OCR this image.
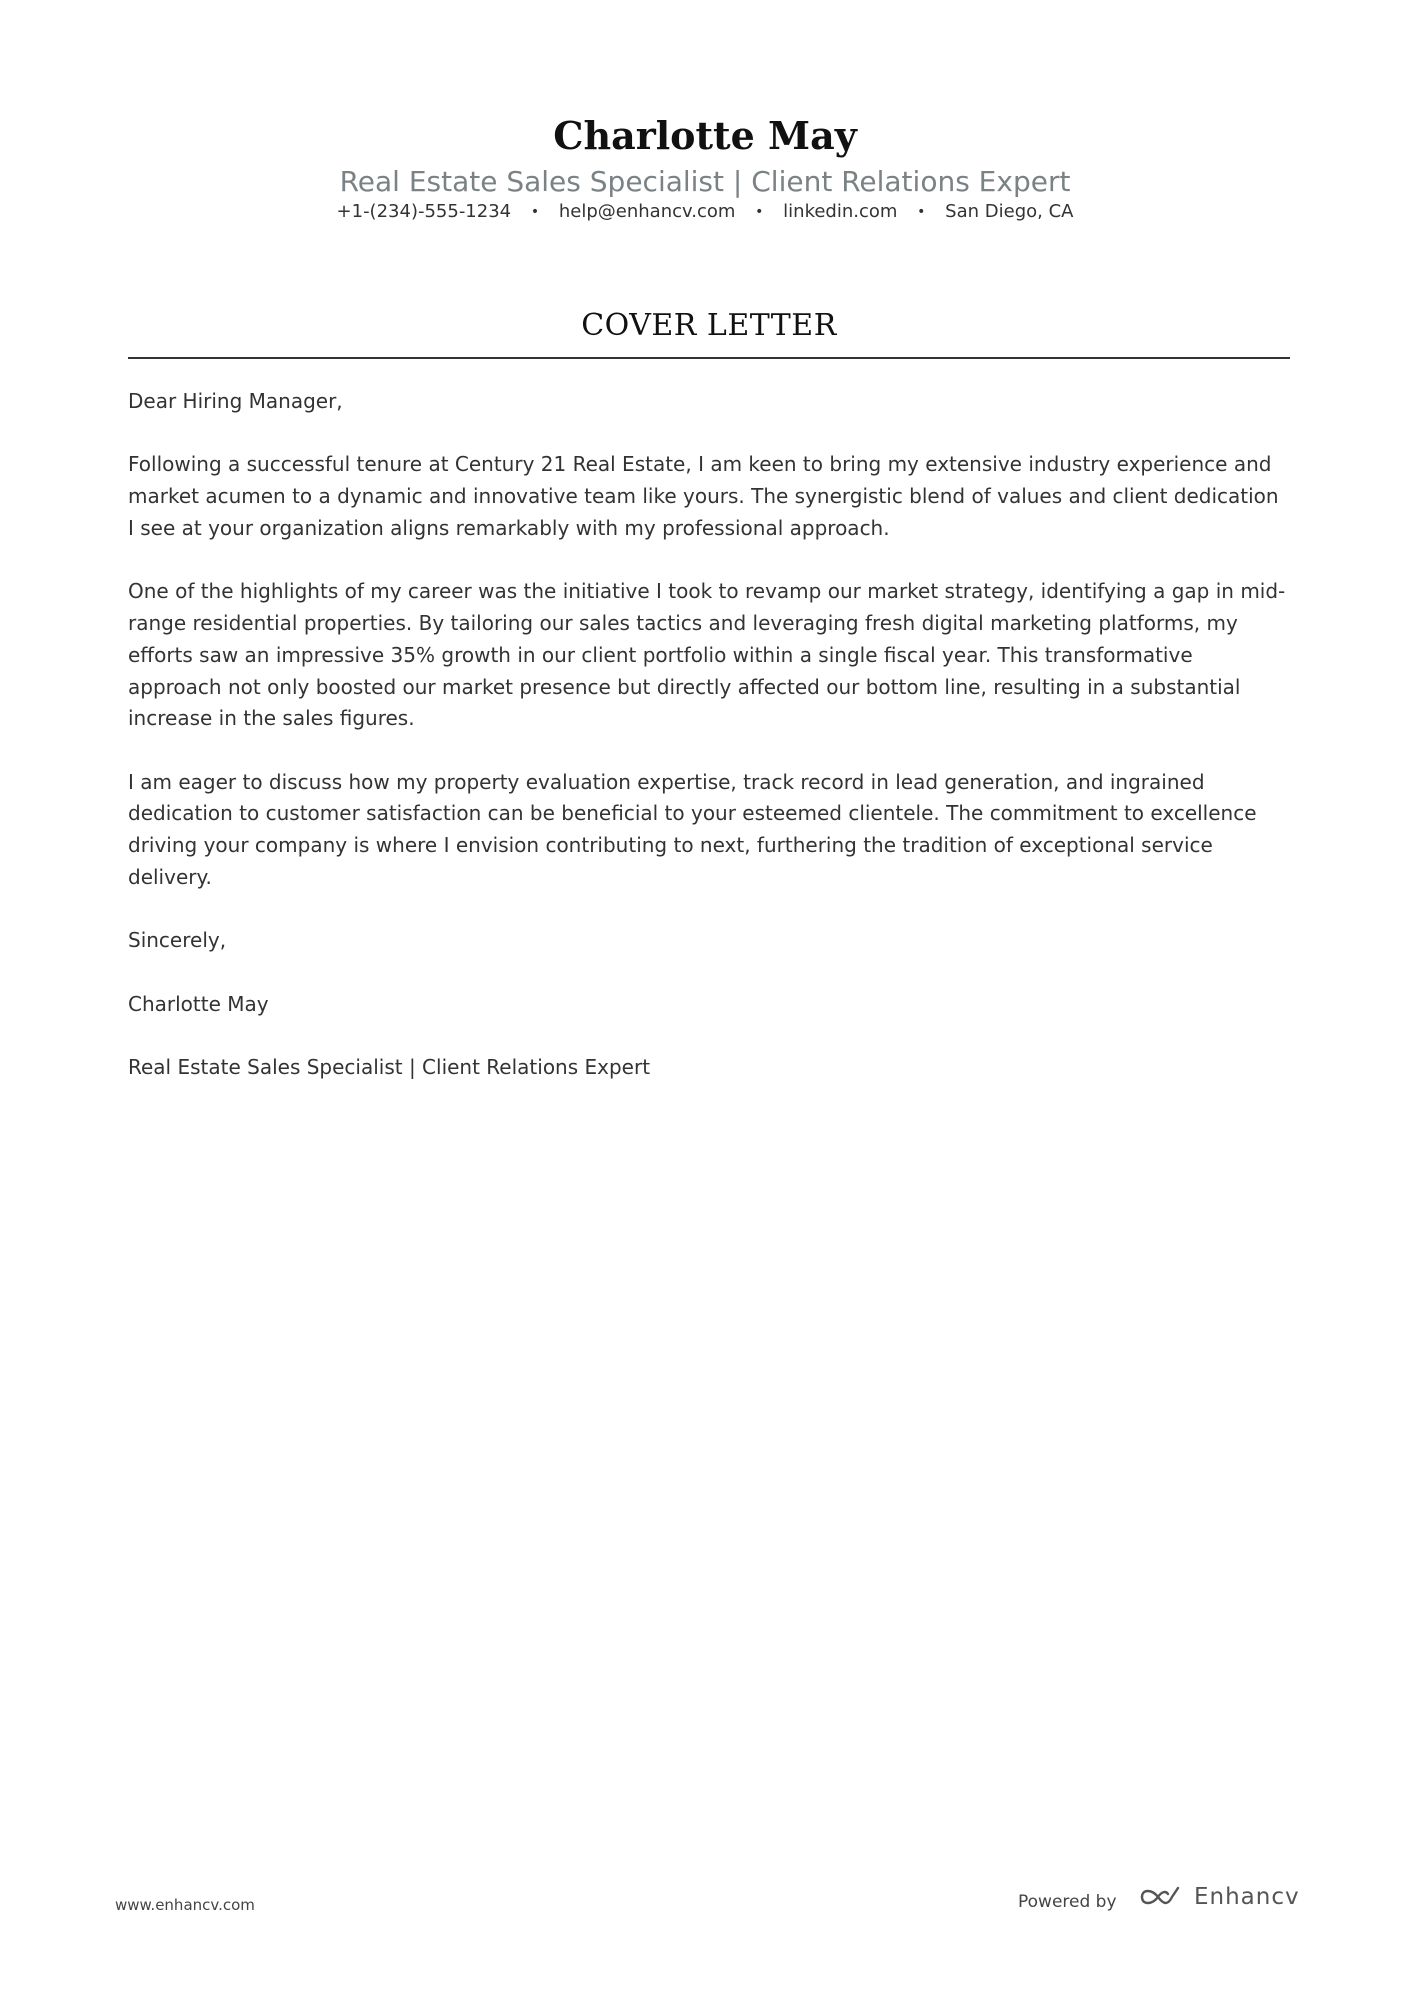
Charlotte May
Real Estate Sales Specialist | Client Relations Expert
+1-(234)-555-1234 • help@enhancv.com • linkedin.com • San Diego, CA
COVER LETTER

Dear Hiring Manager,

Following a successful tenure at Century 21 Real Estate, I am keen to bring my extensive industry experience and market acumen to a dynamic and innovative team like yours. The synergistic blend of values and client dedication I see at your organization aligns remarkably with my professional approach.

One of the highlights of my career was the initiative I took to revamp our market strategy, identifying a gap in mid-range residential properties. By tailoring our sales tactics and leveraging fresh digital marketing platforms, my efforts saw an impressive 35% growth in our client portfolio within a single fiscal year. This transformative approach not only boosted our market presence but directly affected our bottom line, resulting in a substantial increase in the sales figures.

I am eager to discuss how my property evaluation expertise, track record in lead generation, and ingrained dedication to customer satisfaction can be beneficial to your esteemed clientele. The commitment to excellence driving your company is where I envision contributing to next, furthering the tradition of exceptional service delivery.

Sincerely,

Charlotte May

Real Estate Sales Specialist | Client Relations Expert

www.enhancv.com	Powered by	Enhancv
